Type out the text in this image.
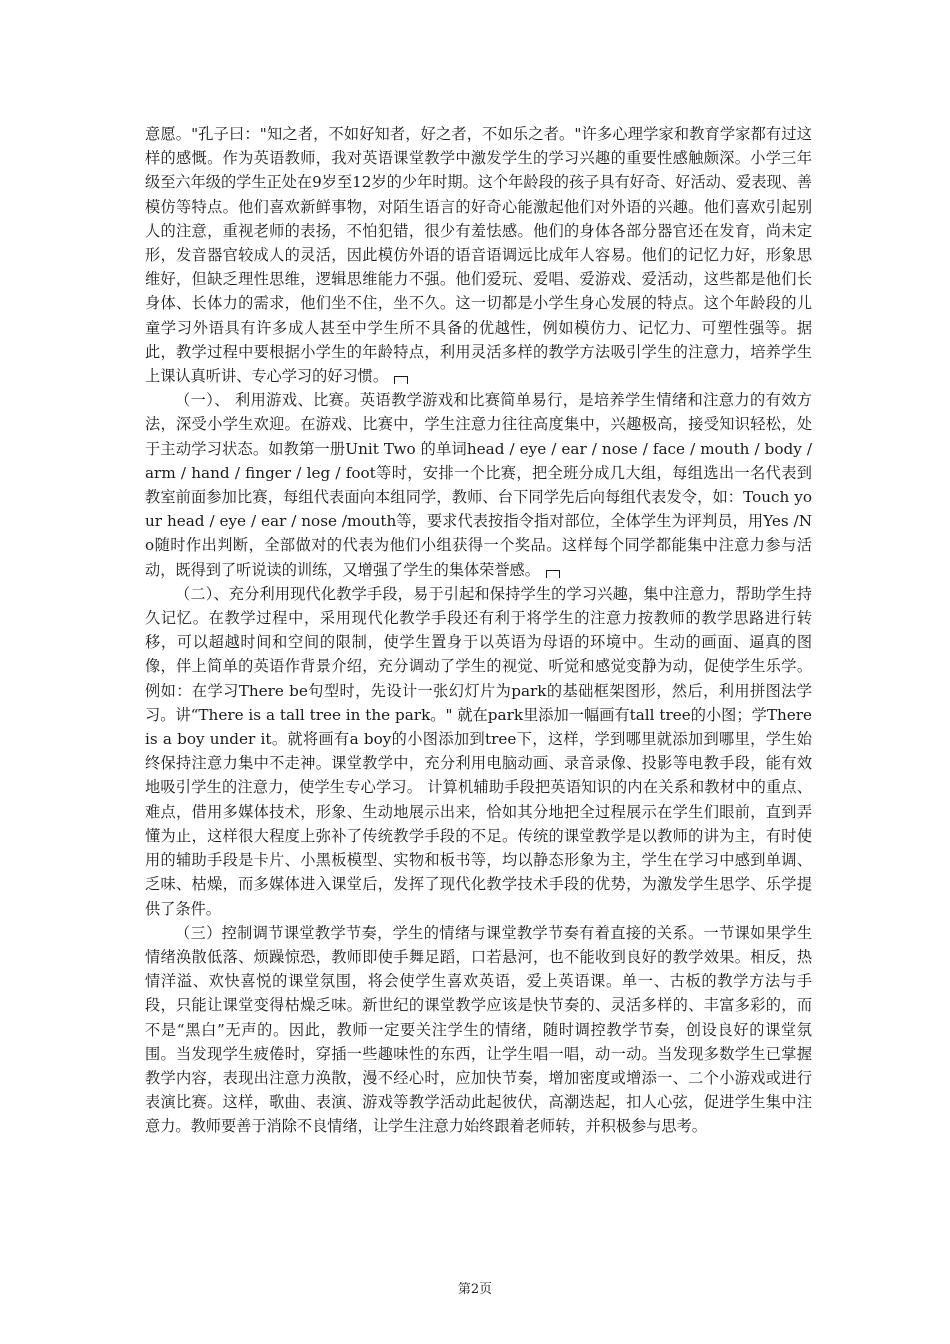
意愿。"孔子曰："知之者，不如好知者，好之者，不如乐之者。"许多心理学家和教育学家都有过这样的感慨。作为英语教师，我对英语课堂教学中激发学生的学习兴趣的重要性感触颇深。小学三年级至六年级的学生正处在9岁至12岁的少年时期。这个年龄段的孩子具有好奇、好活动、爱表现、善模仿等特点。他们喜欢新鲜事物，对陌生语言的好奇心能激起他们对外语的兴趣。他们喜欢引起别人的注意，重视老师的表扬，不怕犯错，很少有羞怯感。他们的身体各部分器官还在发育，尚未定形，发音器官较成人的灵活，因此模仿外语的语音语调远比成年人容易。他们的记忆力好，形象思维好，但缺乏理性思维，逻辑思维能力不强。他们爱玩、爱唱、爱游戏、爱活动，这些都是他们长身体、长体力的需求，他们坐不住，坐不久。这一切都是小学生身心发展的特点。这个年龄段的儿童学习外语具有许多成人甚至中学生所不具备的优越性，例如模仿力、记忆力、可塑性强等。据此，教学过程中要根据小学生的年龄特点，利用灵活多样的教学方法吸引学生的注意力，培养学生上课认真听讲、专心学习的好习惯。

（一）、 利用游戏、比赛。英语教学游戏和比赛简单易行，是培养学生情绪和注意力的有效方法，深受小学生欢迎。在游戏、比赛中，学生注意力往往高度集中，兴趣极高，接受知识轻松，处于主动学习状态。如教第一册Unit Two 的单词head / eye / ear / nose / face / mouth / body / arm / hand / finger / leg / foot等时，安排一个比赛，把全班分成几大组，每组选出一名代表到教室前面参加比赛，每组代表面向本组同学，教师、台下同学先后向每组代表发令，如：Touch your head / eye / ear / nose /mouth等，要求代表按指令指对部位，全体学生为评判员，用Yes /No随时作出判断，全部做对的代表为他们小组获得一个奖品。这样每个同学都能集中注意力参与活动，既得到了听说读的训练，又增强了学生的集体荣誉感。

（二）、充分利用现代化教学手段，易于引起和保持学生的学习兴趣，集中注意力，帮助学生持久记忆。在教学过程中，采用现代化教学手段还有利于将学生的注意力按教师的教学思路进行转移，可以超越时间和空间的限制，使学生置身于以英语为母语的环境中。生动的画面、逼真的图像，伴上简单的英语作背景介绍，充分调动了学生的视觉、听觉和感觉变静为动，促使学生乐学。例如：在学习There be句型时，先设计一张幻灯片为park的基础框架图形，然后，利用拼图法学习。讲“There is a tall tree in the park。" 就在park里添加一幅画有tall tree的小图；学There is a boy under it。就将画有a boy的小图添加到tree下，这样，学到哪里就添加到哪里，学生始终保持注意力集中不走神。课堂教学中，充分利用电脑动画、录音录像、投影等电教手段，能有效地吸引学生的注意力，使学生专心学习。 计算机辅助手段把英语知识的内在关系和教材中的重点、难点，借用多媒体技术，形象、生动地展示出来，恰如其分地把全过程展示在学生们眼前，直到弄懂为止，这样很大程度上弥补了传统教学手段的不足。传统的课堂教学是以教师的讲为主，有时使用的辅助手段是卡片、小黑板模型、实物和板书等，均以静态形象为主，学生在学习中感到单调、乏味、枯燥，而多媒体进入课堂后，发挥了现代化教学技术手段的优势，为激发学生思学、乐学提供了条件。

（三）控制调节课堂教学节奏，学生的情绪与课堂教学节奏有着直接的关系。一节课如果学生情绪涣散低落、烦躁惊恐，教师即使手舞足蹈，口若悬河，也不能收到良好的教学效果。相反，热情洋溢、欢快喜悦的课堂氛围，将会使学生喜欢英语，爱上英语课。单一、古板的教学方法与手段，只能让课堂变得枯燥乏味。新世纪的课堂教学应该是快节奏的、灵活多样的、丰富多彩的，而不是“黑白”无声的。因此，教师一定要关注学生的情绪，随时调控教学节奏，创设良好的课堂氛围。当发现学生疲倦时，穿插一些趣味性的东西，让学生唱一唱，动一动。当发现多数学生已掌握教学内容，表现出注意力涣散，漫不经心时，应加快节奏，增加密度或增添一、二个小游戏或进行表演比赛。这样，歌曲、表演、游戏等教学活动此起彼伏，高潮迭起，扣人心弦，促进学生集中注意力。教师要善于消除不良情绪，让学生注意力始终跟着老师转，并积极参与思考。

第2页
